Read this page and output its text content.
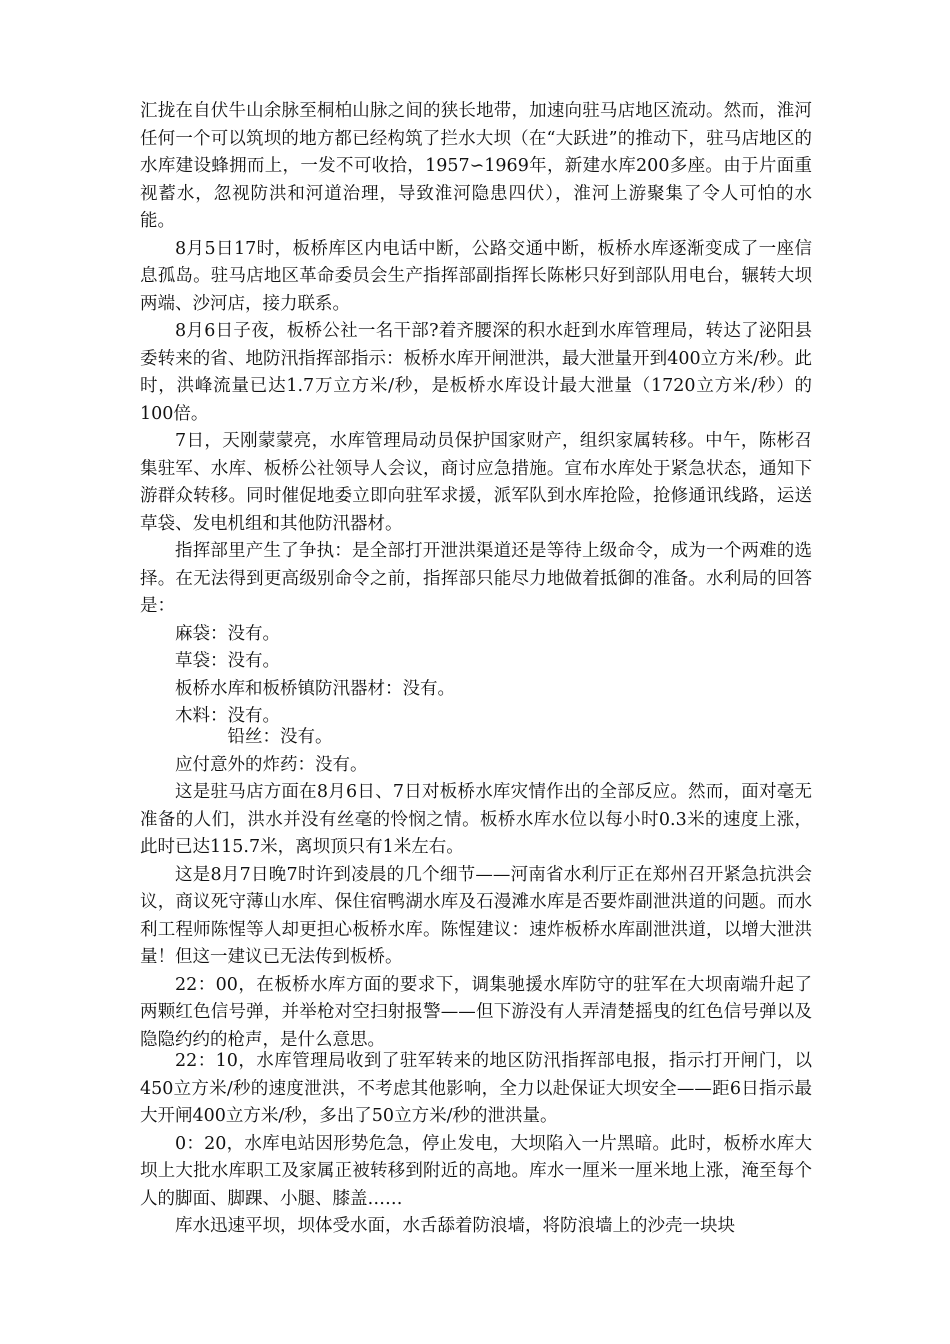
汇拢在自伏牛山余脉至桐柏山脉之间的狭长地带，加速向驻马店地区流动。然而，淮河任何一个可以筑坝的地方都已经构筑了拦水大坝（在“大跃进”的推动下，驻马店地区的水库建设蜂拥而上，一发不可收拾，1957∽1969年，新建水库200多座。由于片面重视蓄水，忽视防洪和河道治理，导致淮河隐患四伏），淮河上游聚集了令人可怕的水能。

8月5日17时，板桥库区内电话中断，公路交通中断，板桥水库逐渐变成了一座信息孤岛。驻马店地区革命委员会生产指挥部副指挥长陈彬只好到部队用电台，辗转大坝两端、沙河店，接力联系。

8月6日子夜，板桥公社一名干部?着齐腰深的积水赶到水库管理局，转达了泌阳县委转来的省、地防汛指挥部指示：板桥水库开闸泄洪，最大泄量开到400立方米/秒。此时，洪峰流量已达1.7万立方米/秒，是板桥水库设计最大泄量（1720立方米/秒）的100倍。

7日，天刚蒙蒙亮，水库管理局动员保护国家财产，组织家属转移。中午，陈彬召集驻军、水库、板桥公社领导人会议，商讨应急措施。宣布水库处于紧急状态，通知下游群众转移。同时催促地委立即向驻军求援，派军队到水库抢险，抢修通讯线路，运送草袋、发电机组和其他防汛器材。

指挥部里产生了争执：是全部打开泄洪渠道还是等待上级命令，成为一个两难的选择。在无法得到更高级别命令之前，指挥部只能尽力地做着抵御的准备。水利局的回答是：

麻袋：没有。

草袋：没有。

板桥水库和板桥镇防汛器材：没有。

木料：没有。

铅丝：没有。

应付意外的炸药：没有。

这是驻马店方面在8月6日、7日对板桥水库灾情作出的全部反应。然而，面对毫无准备的人们，洪水并没有丝毫的怜悯之情。板桥水库水位以每小时0.3米的速度上涨，此时已达115.7米，离坝顶只有1米左右。

这是8月7日晚7时许到凌晨的几个细节——河南省水利厅正在郑州召开紧急抗洪会议，商议死守薄山水库、保住宿鸭湖水库及石漫滩水库是否要炸副泄洪道的问题。而水利工程师陈惺等人却更担心板桥水库。陈惺建议：速炸板桥水库副泄洪道，以增大泄洪量！但这一建议已无法传到板桥。

22：00，在板桥水库方面的要求下，调集驰援水库防守的驻军在大坝南端升起了两颗红色信号弹，并举枪对空扫射报警——但下游没有人弄清楚摇曳的红色信号弹以及隐隐约约的枪声，是什么意思。

22：10，水库管理局收到了驻军转来的地区防汛指挥部电报，指示打开闸门，以450立方米/秒的速度泄洪，不考虑其他影响，全力以赴保证大坝安全——距6日指示最大开闸400立方米/秒，多出了50立方米/秒的泄洪量。

0：20，水库电站因形势危急，停止发电，大坝陷入一片黑暗。此时，板桥水库大坝上大批水库职工及家属正被转移到附近的高地。库水一厘米一厘米地上涨，淹至每个人的脚面、脚踝、小腿、膝盖……

库水迅速平坝，坝体受水面，水舌舔着防浪墙，将防浪墙上的沙壳一块块
